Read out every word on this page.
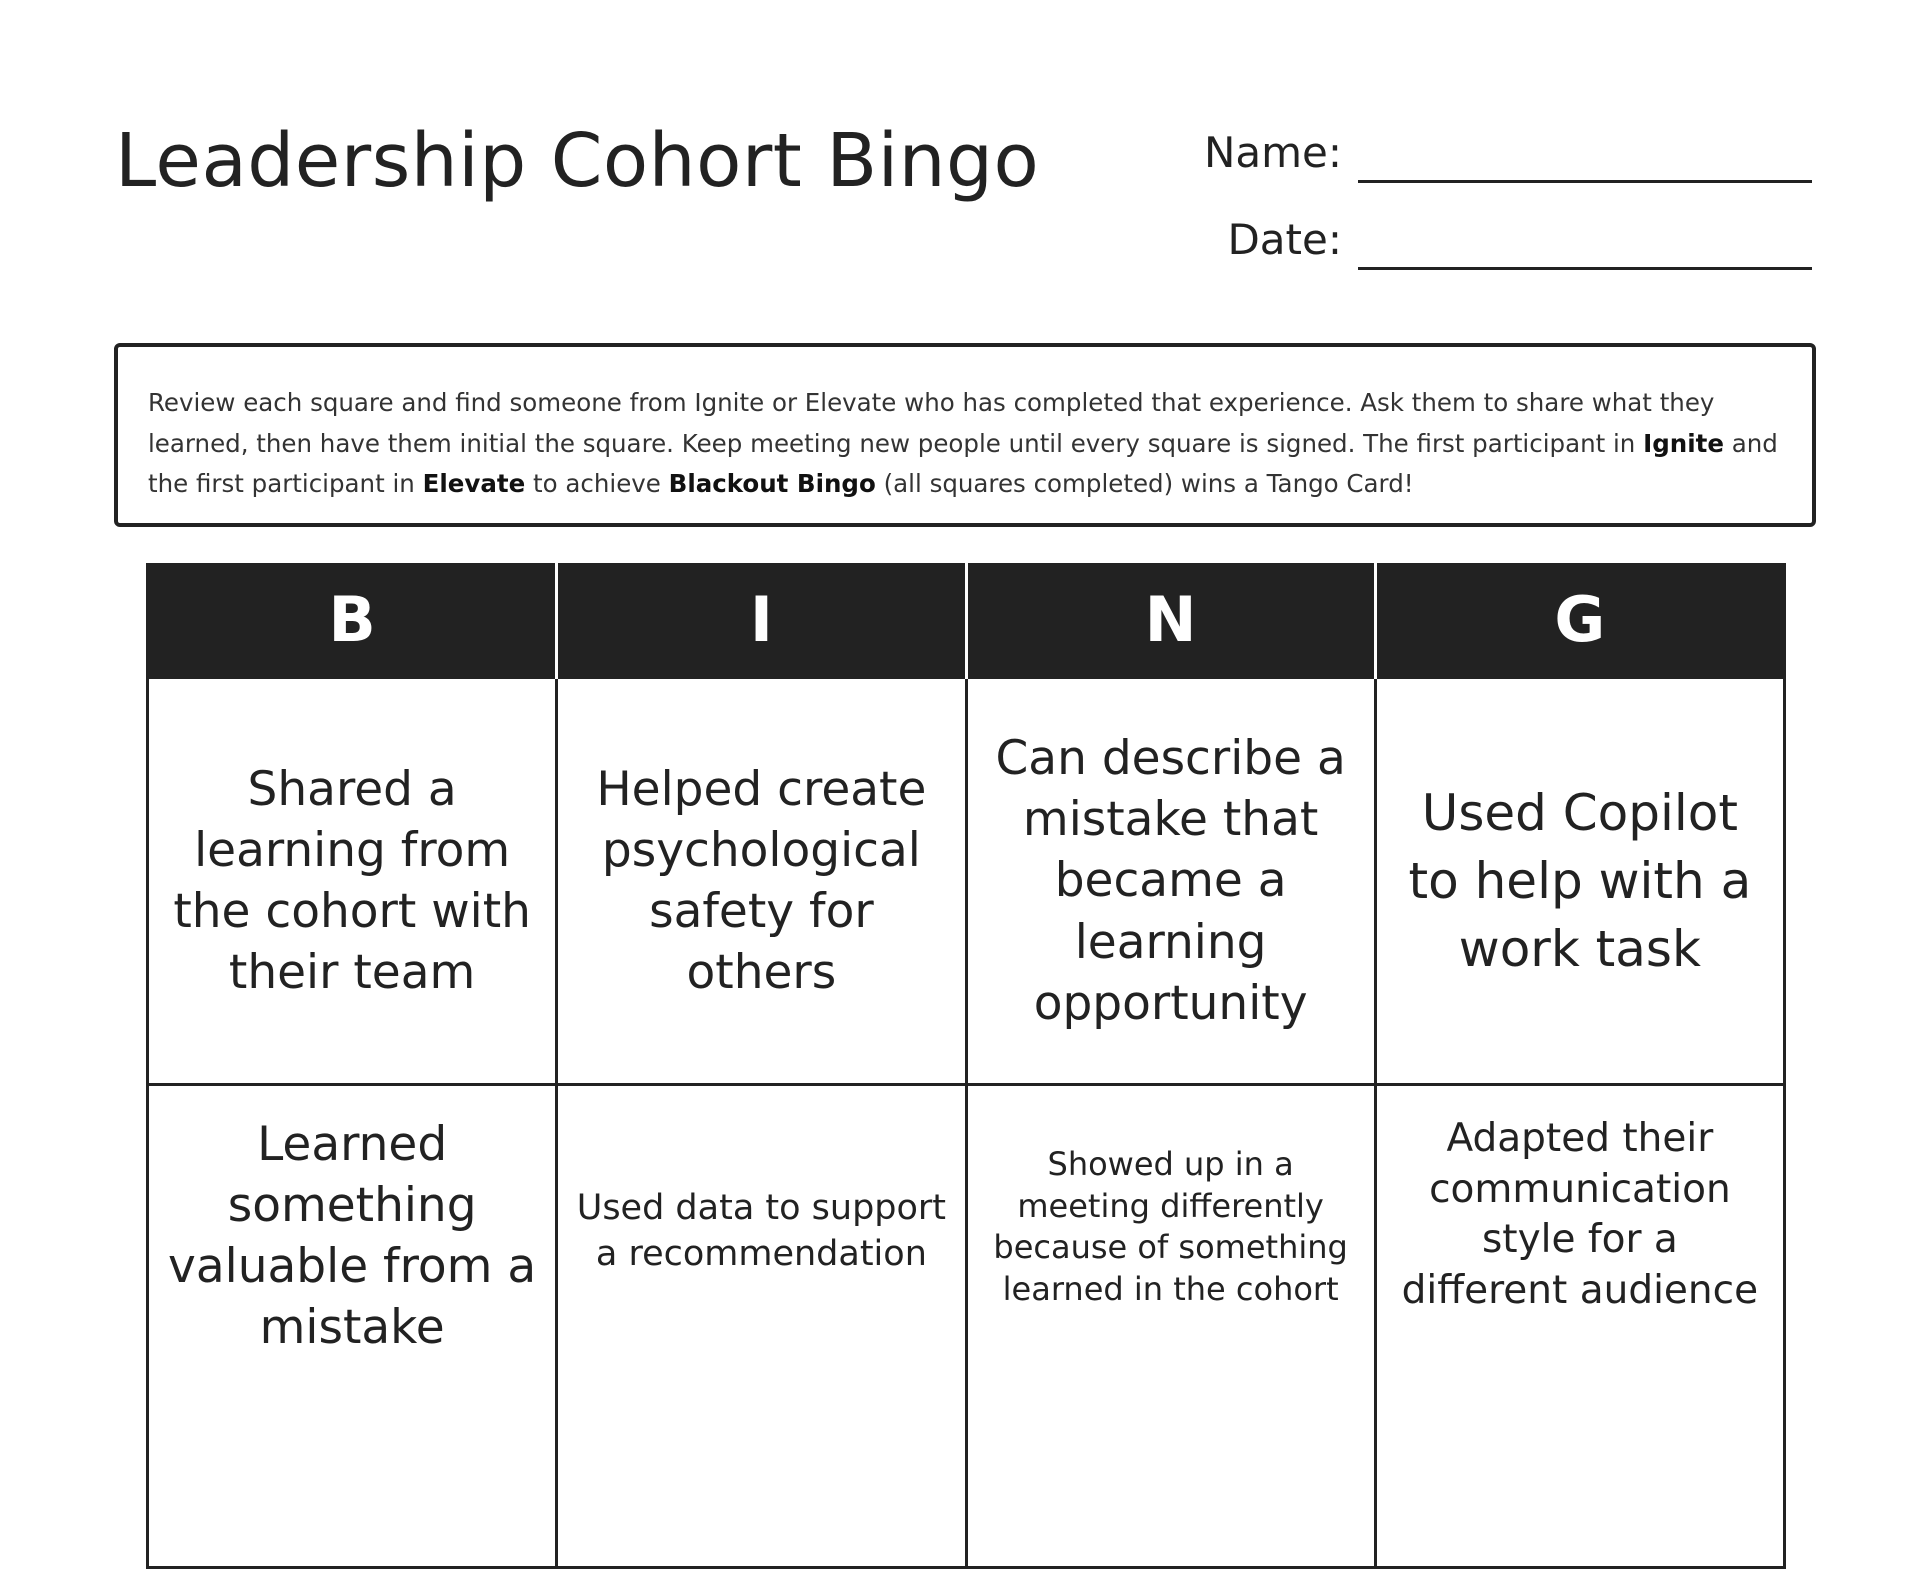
Leadership Cohort Bingo	Name:
Date:
Review each square and find someone from Ignite or Elevate who has completed that experience. Ask them to share what they learned, then have them initial the square. Keep meeting new people until every square is signed. The first participant in Ignite and the first participant in Elevate to achieve Blackout Bingo (all squares completed) wins a Tango Card!
B	I	N	G
Shared a learning from the cohort with their team	Helped create psychological safety for others	Can describe a mistake that became a learning opportunity	Used Copilot to help with a work task
Learned something valuable from a mistake	Used data to support a recommendation	Showed up in a meeting differently because of something learned in the cohort	Adapted their communication style for a different audience
